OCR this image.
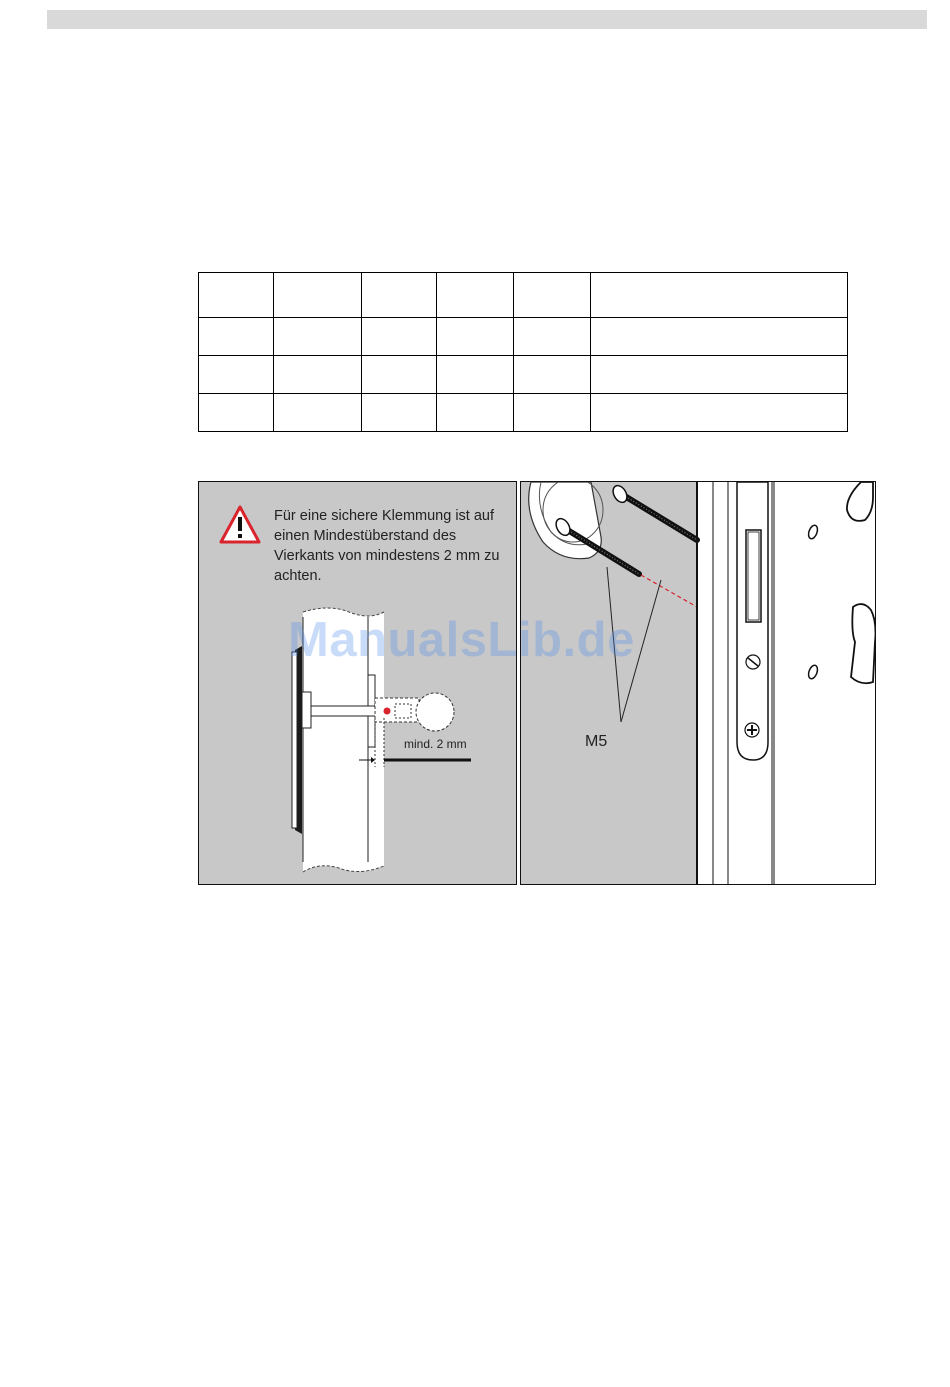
Für eine sichere Klemmung ist auf einen Mindestüberstand des Vierkants von mindestens 2 mm zu achten.

mind. 2 mm	M5
ManualsLib.de
